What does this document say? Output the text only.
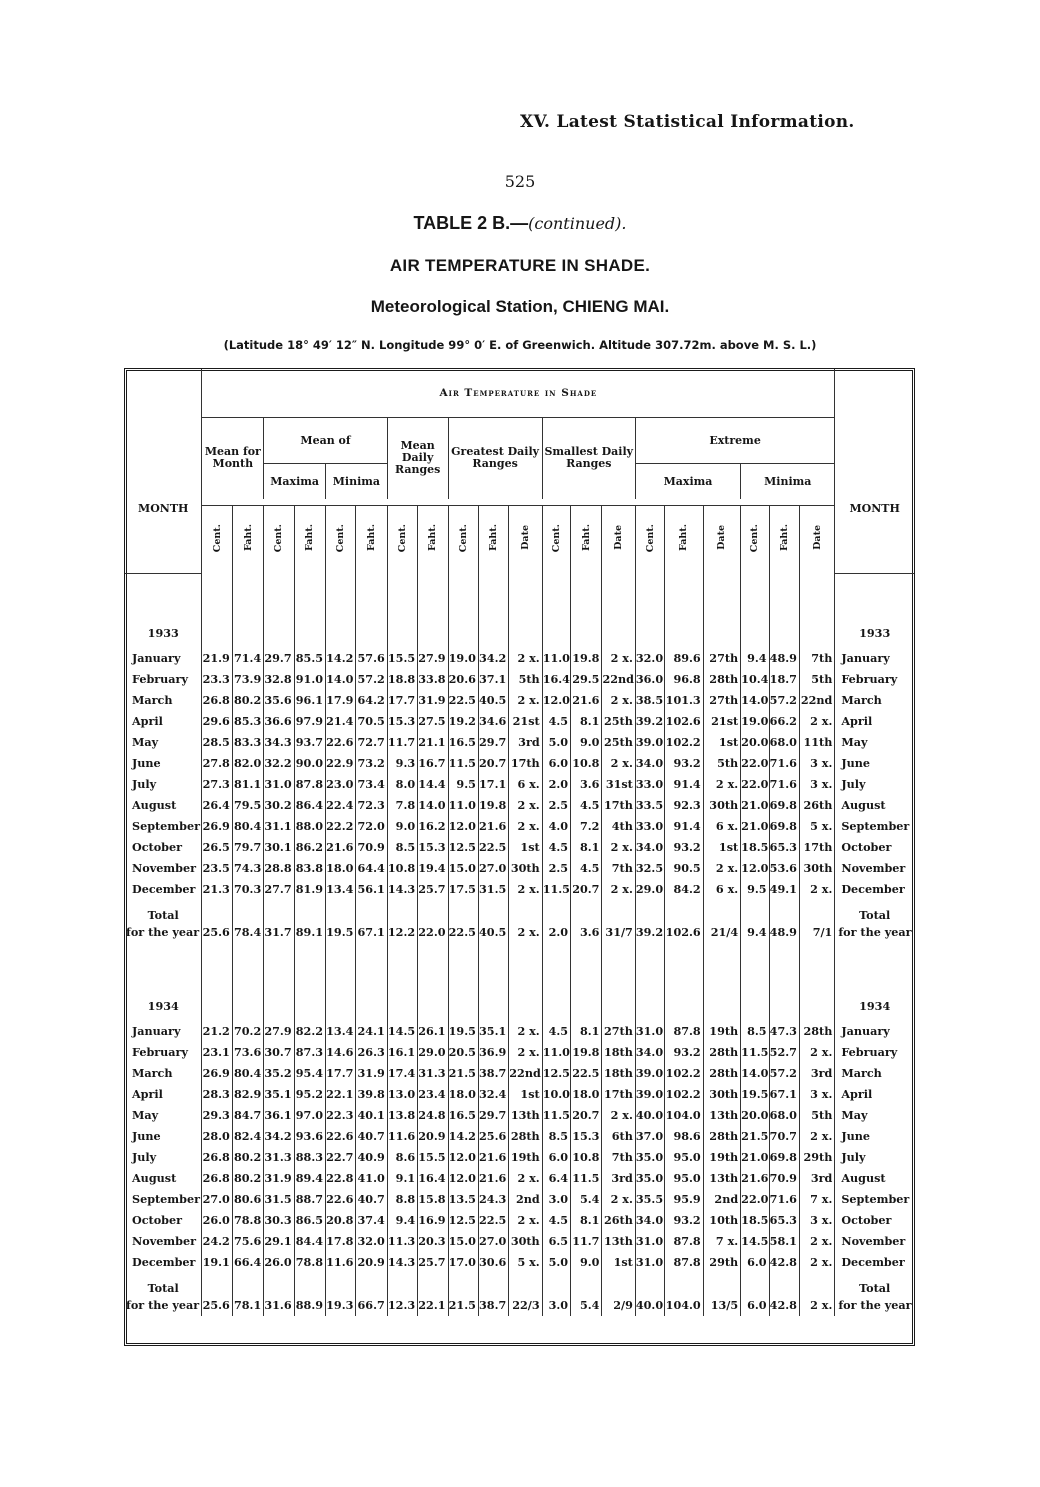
XV. Latest Statistical Information.
525
TABLE 2 B.—(continued).
AIR TEMPERATURE IN SHADE.
Meteorological Station, CHIENG MAI.
(Latitude 18° 49′ 12″ N. Longitude 99° 0′ E. of Greenwich. Altitude 307.72m. above M. S. L.)
MONTH	Air Temperature in Shade																				MONTH
	Mean for Month		Mean of				Mean Daily Ranges		Greatest Daily Ranges			Smallest Daily Ranges			Extreme						
			Maxima		Minima										Maxima			Minima			

	Cent.	Faht.	Cent.	Faht.	Cent.	Faht.	Cent.	Faht.	Cent.	Faht.	Date	Cent.	Faht.	Date	Cent.	Faht.	Date	Cent.	Faht.	Date	

1933																					1933

January	21.9	71.4	29.7	85.5	14.2	57.6	15.5	27.9	19.0	34.2	2 x.	11.0	19.8	2 x.	32.0	89.6	27th	9.4	48.9	7th	January
February	23.3	73.9	32.8	91.0	14.0	57.2	18.8	33.8	20.6	37.1	5th	16.4	29.5	22nd	36.0	96.8	28th	10.4	18.7	5th	February
March	26.8	80.2	35.6	96.1	17.9	64.2	17.7	31.9	22.5	40.5	2 x.	12.0	21.6	2 x.	38.5	101.3	27th	14.0	57.2	22nd	March
April	29.6	85.3	36.6	97.9	21.4	70.5	15.3	27.5	19.2	34.6	21st	4.5	8.1	25th	39.2	102.6	21st	19.0	66.2	2 x.	April
May	28.5	83.3	34.3	93.7	22.6	72.7	11.7	21.1	16.5	29.7	3rd	5.0	9.0	25th	39.0	102.2	1st	20.0	68.0	11th	May
June	27.8	82.0	32.2	90.0	22.9	73.2	9.3	16.7	11.5	20.7	17th	6.0	10.8	2 x.	34.0	93.2	5th	22.0	71.6	3 x.	June
July	27.3	81.1	31.0	87.8	23.0	73.4	8.0	14.4	9.5	17.1	6 x.	2.0	3.6	31st	33.0	91.4	2 x.	22.0	71.6	3 x.	July
August	26.4	79.5	30.2	86.4	22.4	72.3	7.8	14.0	11.0	19.8	2 x.	2.5	4.5	17th	33.5	92.3	30th	21.0	69.8	26th	August
September	26.9	80.4	31.1	88.0	22.2	72.0	9.0	16.2	12.0	21.6	2 x.	4.0	7.2	4th	33.0	91.4	6 x.	21.0	69.8	5 x.	September
October	26.5	79.7	30.1	86.2	21.6	70.9	8.5	15.3	12.5	22.5	1st	4.5	8.1	2 x.	34.0	93.2	1st	18.5	65.3	17th	October
November	23.5	74.3	28.8	83.8	18.0	64.4	10.8	19.4	15.0	27.0	30th	2.5	4.5	7th	32.5	90.5	2 x.	12.0	53.6	30th	November
December	21.3	70.3	27.7	81.9	13.4	56.1	14.3	25.7	17.5	31.5	2 x.	11.5	20.7	2 x.	29.0	84.2	6 x.	9.5	49.1	2 x.	December
Total																					Total
for the year	25.6	78.4	31.7	89.1	19.5	67.1	12.2	22.0	22.5	40.5	2 x.	2.0	3.6	31/7	39.2	102.6	21/4	9.4	48.9	7/1	for the year

1934																					1934

January	21.2	70.2	27.9	82.2	13.4	24.1	14.5	26.1	19.5	35.1	2 x.	4.5	8.1	27th	31.0	87.8	19th	8.5	47.3	28th	January
February	23.1	73.6	30.7	87.3	14.6	26.3	16.1	29.0	20.5	36.9	2 x.	11.0	19.8	18th	34.0	93.2	28th	11.5	52.7	2 x.	February
March	26.9	80.4	35.2	95.4	17.7	31.9	17.4	31.3	21.5	38.7	22nd	12.5	22.5	18th	39.0	102.2	28th	14.0	57.2	3rd	March
April	28.3	82.9	35.1	95.2	22.1	39.8	13.0	23.4	18.0	32.4	1st	10.0	18.0	17th	39.0	102.2	30th	19.5	67.1	3 x.	April
May	29.3	84.7	36.1	97.0	22.3	40.1	13.8	24.8	16.5	29.7	13th	11.5	20.7	2 x.	40.0	104.0	13th	20.0	68.0	5th	May
June	28.0	82.4	34.2	93.6	22.6	40.7	11.6	20.9	14.2	25.6	28th	8.5	15.3	6th	37.0	98.6	28th	21.5	70.7	2 x.	June
July	26.8	80.2	31.3	88.3	22.7	40.9	8.6	15.5	12.0	21.6	19th	6.0	10.8	7th	35.0	95.0	19th	21.0	69.8	29th	July
August	26.8	80.2	31.9	89.4	22.8	41.0	9.1	16.4	12.0	21.6	2 x.	6.4	11.5	3rd	35.0	95.0	13th	21.6	70.9	3rd	August
September	27.0	80.6	31.5	88.7	22.6	40.7	8.8	15.8	13.5	24.3	2nd	3.0	5.4	2 x.	35.5	95.9	2nd	22.0	71.6	7 x.	September
October	26.0	78.8	30.3	86.5	20.8	37.4	9.4	16.9	12.5	22.5	2 x.	4.5	8.1	26th	34.0	93.2	10th	18.5	65.3	3 x.	October
November	24.2	75.6	29.1	84.4	17.8	32.0	11.3	20.3	15.0	27.0	30th	6.5	11.7	13th	31.0	87.8	7 x.	14.5	58.1	2 x.	November
December	19.1	66.4	26.0	78.8	11.6	20.9	14.3	25.7	17.0	30.6	5 x.	5.0	9.0	1st	31.0	87.8	29th	6.0	42.8	2 x.	December
Total																					Total
for the year	25.6	78.1	31.6	88.9	19.3	66.7	12.3	22.1	21.5	38.7	22/3	3.0	5.4	2/9	40.0	104.0	13/5	6.0	42.8	2 x.	for the year
